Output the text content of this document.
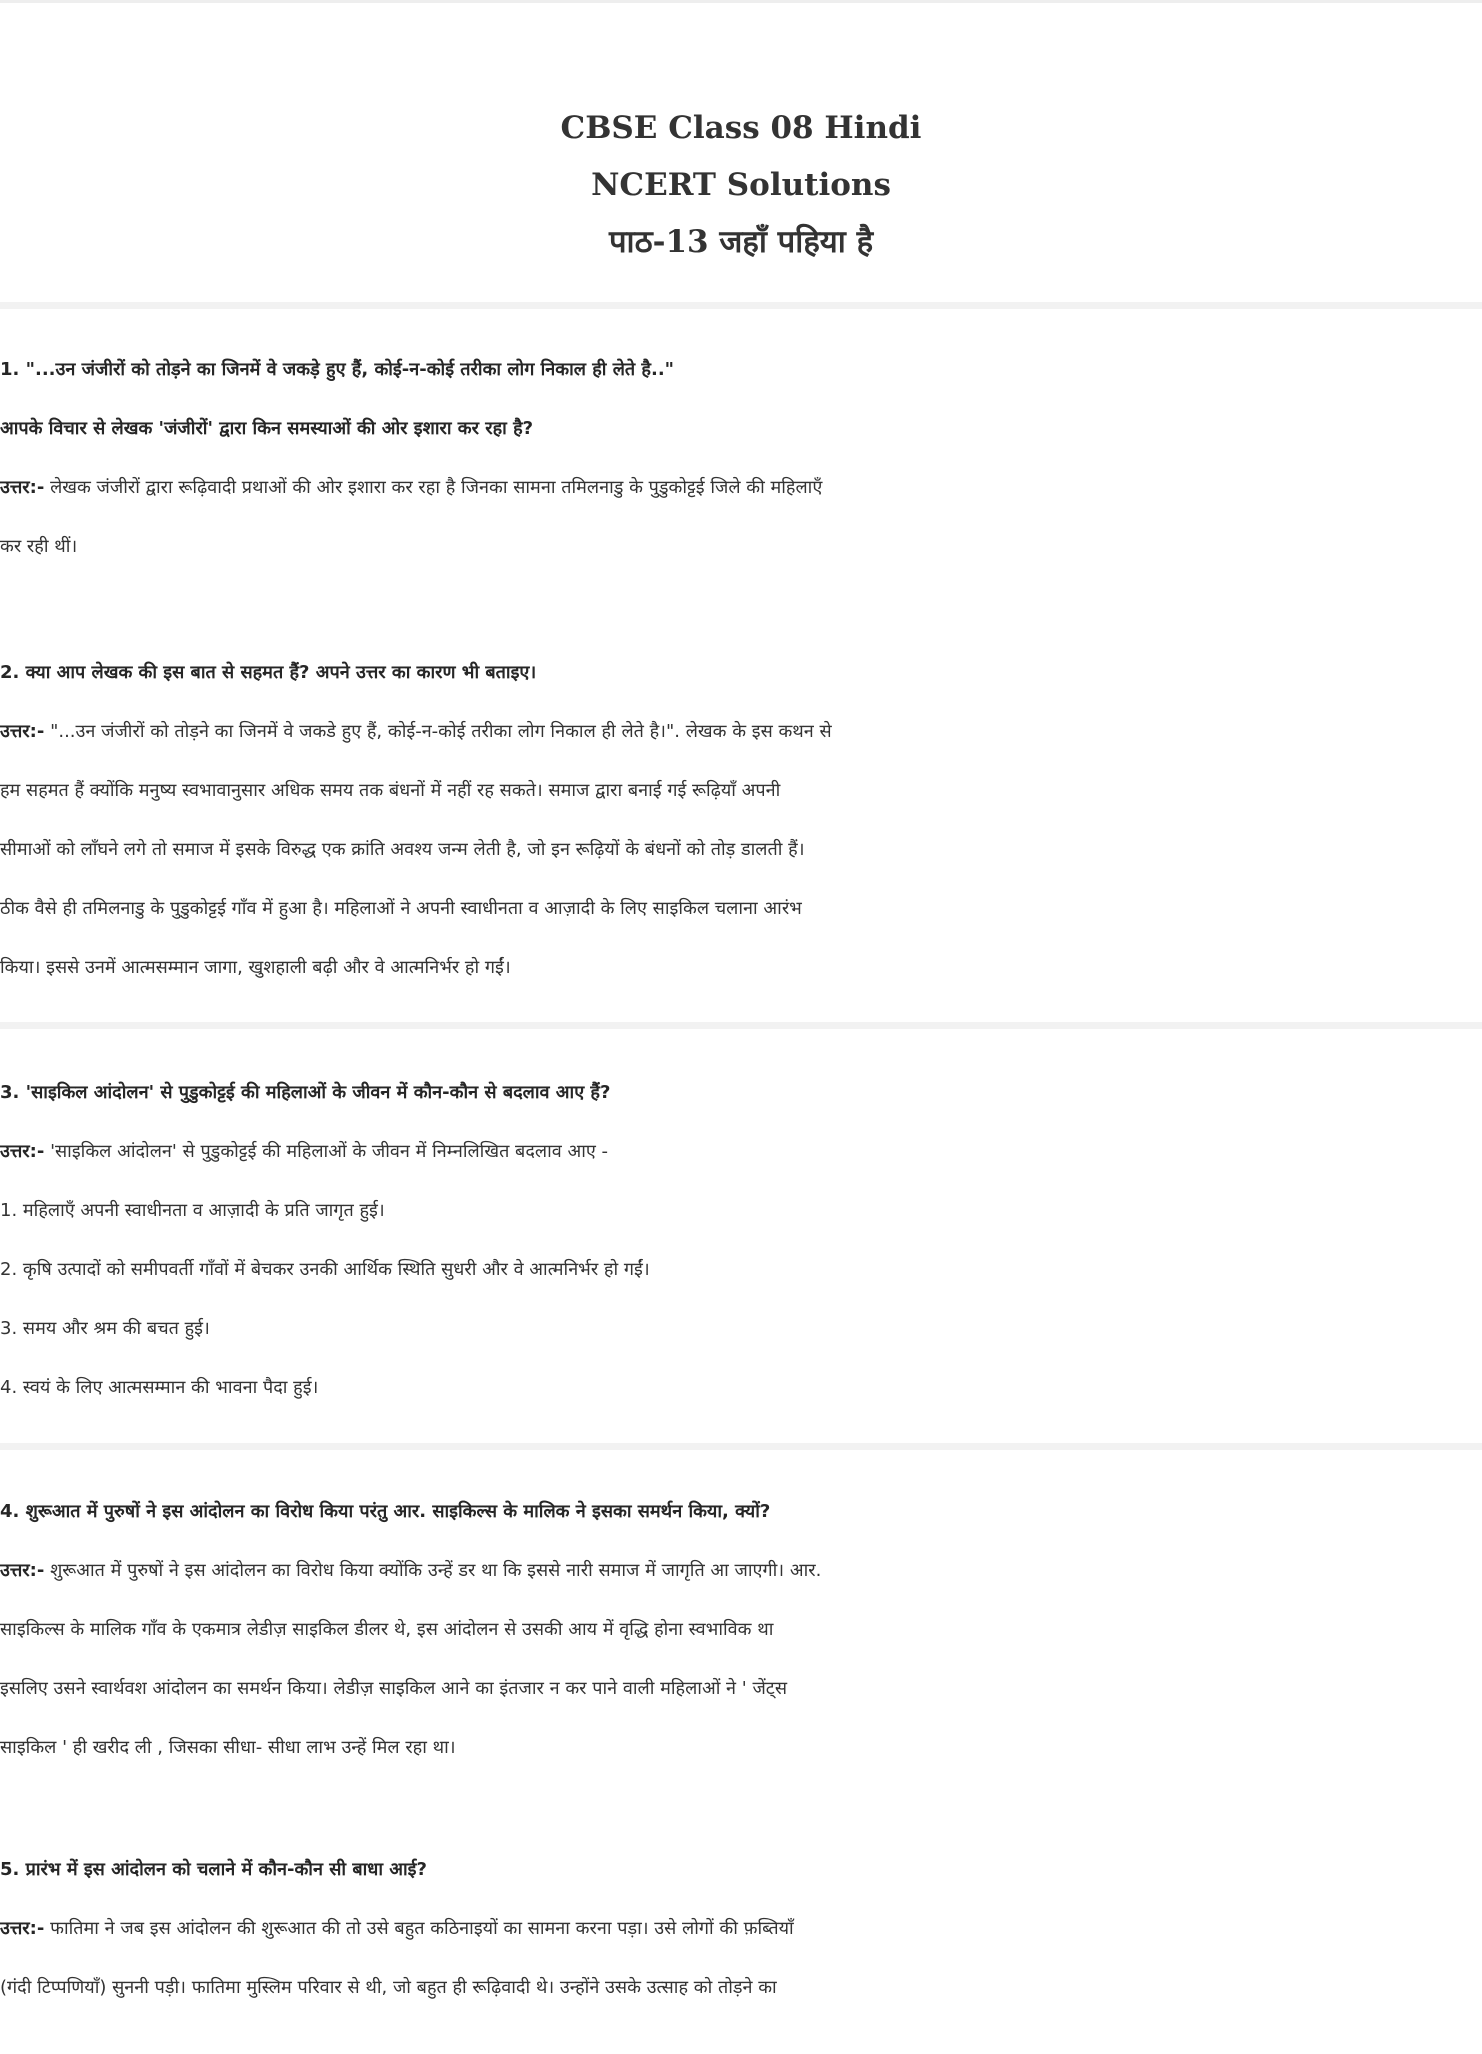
CBSE Class 08 Hindi
NCERT Solutions
पाठ-13 जहाँ पहिया है
1. "...उन जंजीरों को तोड़ने का जिनमें वे जकड़े हुए हैं, कोई-न-कोई तरीका लोग निकाल ही लेते है.."
आपके विचार से लेखक 'जंजीरों' द्वारा किन समस्याओं की ओर इशारा कर रहा है?
उत्तर:- लेखक जंजीरों द्वारा रूढ़िवादी प्रथाओं की ओर इशारा कर रहा है जिनका सामना तमिलनाडु के पुडुकोट्टई जिले की महिलाएँ
कर रही थीं।
2. क्या आप लेखक की इस बात से सहमत हैं? अपने उत्तर का कारण भी बताइए।
उत्तर:- "...उन जंजीरों को तोड़ने का जिनमें वे जकडे हुए हैं, कोई-न-कोई तरीका लोग निकाल ही लेते है।". लेखक के इस कथन से
हम सहमत हैं क्योंकि मनुष्य स्वभावानुसार अधिक समय तक बंधनों में नहीं रह सकते। समाज द्वारा बनाई गई रूढ़ियाँ अपनी
सीमाओं को लाँघने लगे तो समाज में इसके विरुद्ध एक क्रांति अवश्य जन्म लेती है, जो इन रूढ़ियों के बंधनों को तोड़ डालती हैं।
ठीक वैसे ही तमिलनाडु के पुडुकोट्टई गाँव में हुआ है। महिलाओं ने अपनी स्वाधीनता व आज़ादी के लिए साइकिल चलाना आरंभ
किया। इससे उनमें आत्मसम्मान जागा, खुशहाली बढ़ी और वे आत्मनिर्भर हो गईं।
3. 'साइकिल आंदोलन' से पुडुकोट्टई की महिलाओं के जीवन में कौन-कौन से बदलाव आए हैं?
उत्तर:- 'साइकिल आंदोलन' से पुडुकोट्टई की महिलाओं के जीवन में निम्नलिखित बदलाव आए -
1. महिलाएँ अपनी स्वाधीनता व आज़ादी के प्रति जागृत हुई।
2. कृषि उत्पादों को समीपवर्ती गाँवों में बेचकर उनकी आर्थिक स्थिति सुधरी और वे आत्मनिर्भर हो गईं।
3. समय और श्रम की बचत हुई।
4. स्वयं के लिए आत्मसम्मान की भावना पैदा हुई।
4. शुरूआत में पुरुषों ने इस आंदोलन का विरोध किया परंतु आर. साइकिल्स के मालिक ने इसका समर्थन किया, क्यों?
उत्तर:- शुरूआत में पुरुषों ने इस आंदोलन का विरोध किया क्योंकि उन्हें डर था कि इससे नारी समाज में जागृति आ जाएगी। आर.
साइकिल्स के मालिक गाँव के एकमात्र लेडीज़ साइकिल डीलर थे, इस आंदोलन से उसकी आय में वृद्धि होना स्वभाविक था
इसलिए उसने स्वार्थवश आंदोलन का समर्थन किया। लेडीज़ साइकिल आने का इंतजार न कर पाने वाली महिलाओं ने ' जेंट्स
साइकिल ' ही खरीद ली , जिसका सीधा- सीधा लाभ उन्हें मिल रहा था।
5. प्रारंभ में इस आंदोलन को चलाने में कौन-कौन सी बाधा आई?
उत्तर:- फातिमा ने जब इस आंदोलन की शुरूआत की तो उसे बहुत कठिनाइयों का सामना करना पड़ा। उसे लोगों की फ़ब्तियाँ
(गंदी टिप्पणियाँ) सुननी पड़ी। फातिमा मुस्लिम परिवार से थी, जो बहुत ही रूढ़िवादी थे। उन्होंने उसके उत्साह को तोड़ने का
